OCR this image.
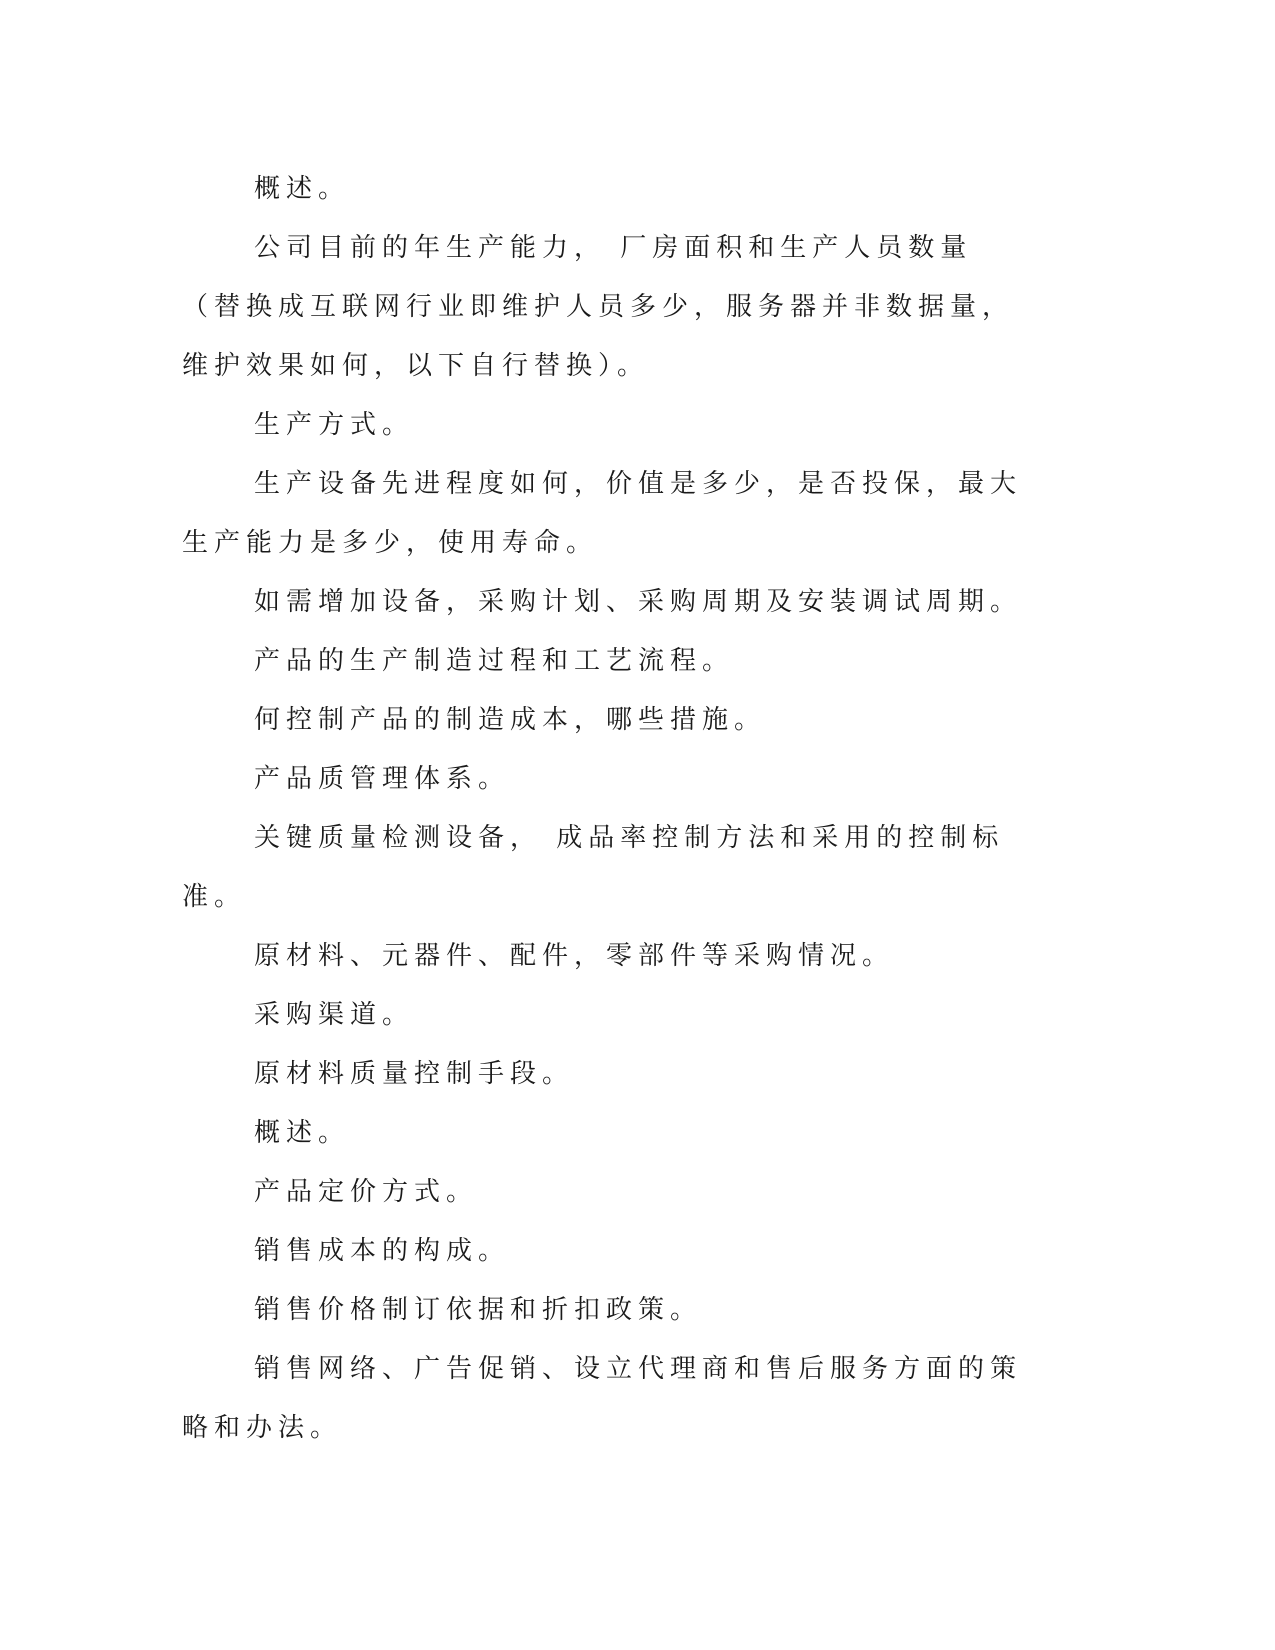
概述。

公司目前的年生产能力， 厂房面积和生产人员数量（替换成互联网行业即维护人员多少，服务器并非数据量，维护效果如何，以下自行替换）。

生产方式。

生产设备先进程度如何，价值是多少，是否投保，最大生产能力是多少，使用寿命。

如需增加设备，采购计划、采购周期及安装调试周期。

产品的生产制造过程和工艺流程。

何控制产品的制造成本，哪些措施。

产品质管理体系。

关键质量检测设备， 成品率控制方法和采用的控制标准。

原材料、元器件、配件，零部件等采购情况。

采购渠道。

原材料质量控制手段。

概述。

产品定价方式。

销售成本的构成。

销售价格制订依据和折扣政策。

销售网络、广告促销、设立代理商和售后服务方面的策略和办法。
